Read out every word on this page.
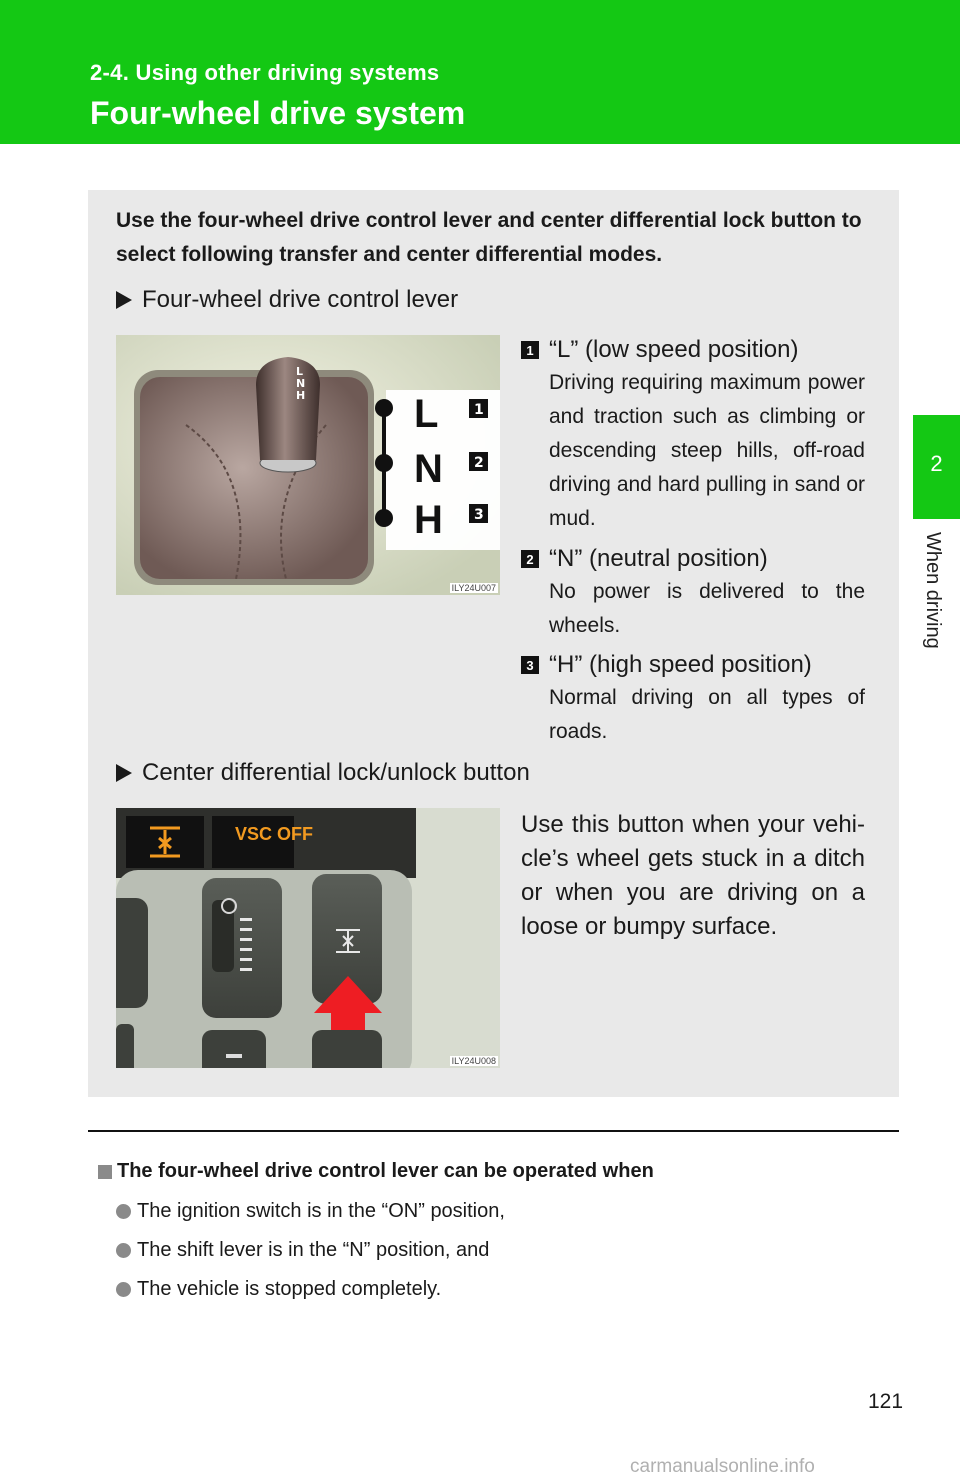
2-4. Using other driving systems
Four-wheel drive system
2
When driving
Use the four-wheel drive control lever and center differential lock button to select following transfer and center differential modes.
Four-wheel drive control lever
L
N
H	L
N
H
1
2
3
ILY24U007
1 “L” (low speed position)
Driving requiring maximum power and traction such as climbing or descending steep hills, off-road driving and hard pulling in sand or mud.
2 “N” (neutral position)
No power is delivered to the wheels.
3 “H” (high speed position)
Normal driving on all types of roads.
Center differential lock/unlock button
VSC OFF
ILY24U008
Use this button when your vehi-cle’s wheel gets stuck in a ditch or when you are driving on a loose or bumpy surface.
The four-wheel drive control lever can be operated when
The ignition switch is in the “ON” position,
The shift lever is in the “N” position, and
The vehicle is stopped completely.
121
carmanualsonline.info
